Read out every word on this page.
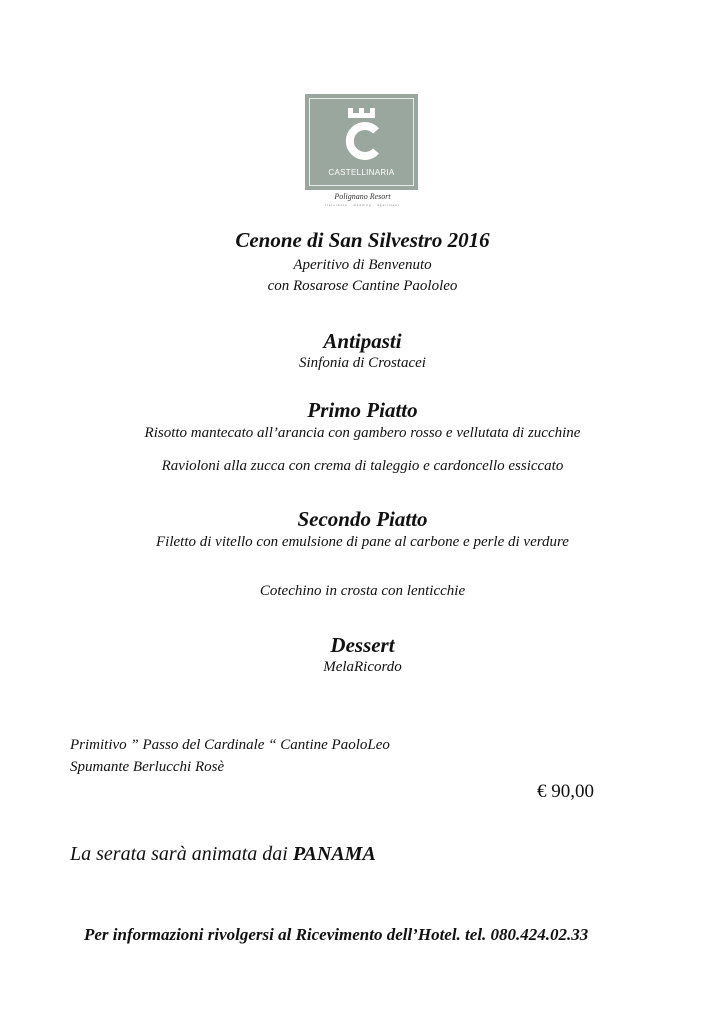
CASTELLINARIA
Polignano Resort
ristorante · wedding · apartment
Cenone di San Silvestro 2016
Aperitivo di Benvenuto
con Rosarose Cantine Paololeo
Antipasti
Sinfonia di Crostacei
Primo Piatto
Risotto mantecato all’arancia con gambero rosso e vellutata di zucchine
Ravioloni alla zucca con crema di taleggio e cardoncello essiccato
Secondo Piatto
Filetto di vitello con emulsione di pane al carbone e perle di verdure
Cotechino in crosta con lenticchie
Dessert
MelaRicordo
Primitivo ” Passo del Cardinale “ Cantine PaoloLeo
Spumante Berlucchi Rosè
€ 90,00
La serata sarà animata dai PANAMA
Per informazioni rivolgersi al Ricevimento dell’Hotel. tel. 080.424.02.33
